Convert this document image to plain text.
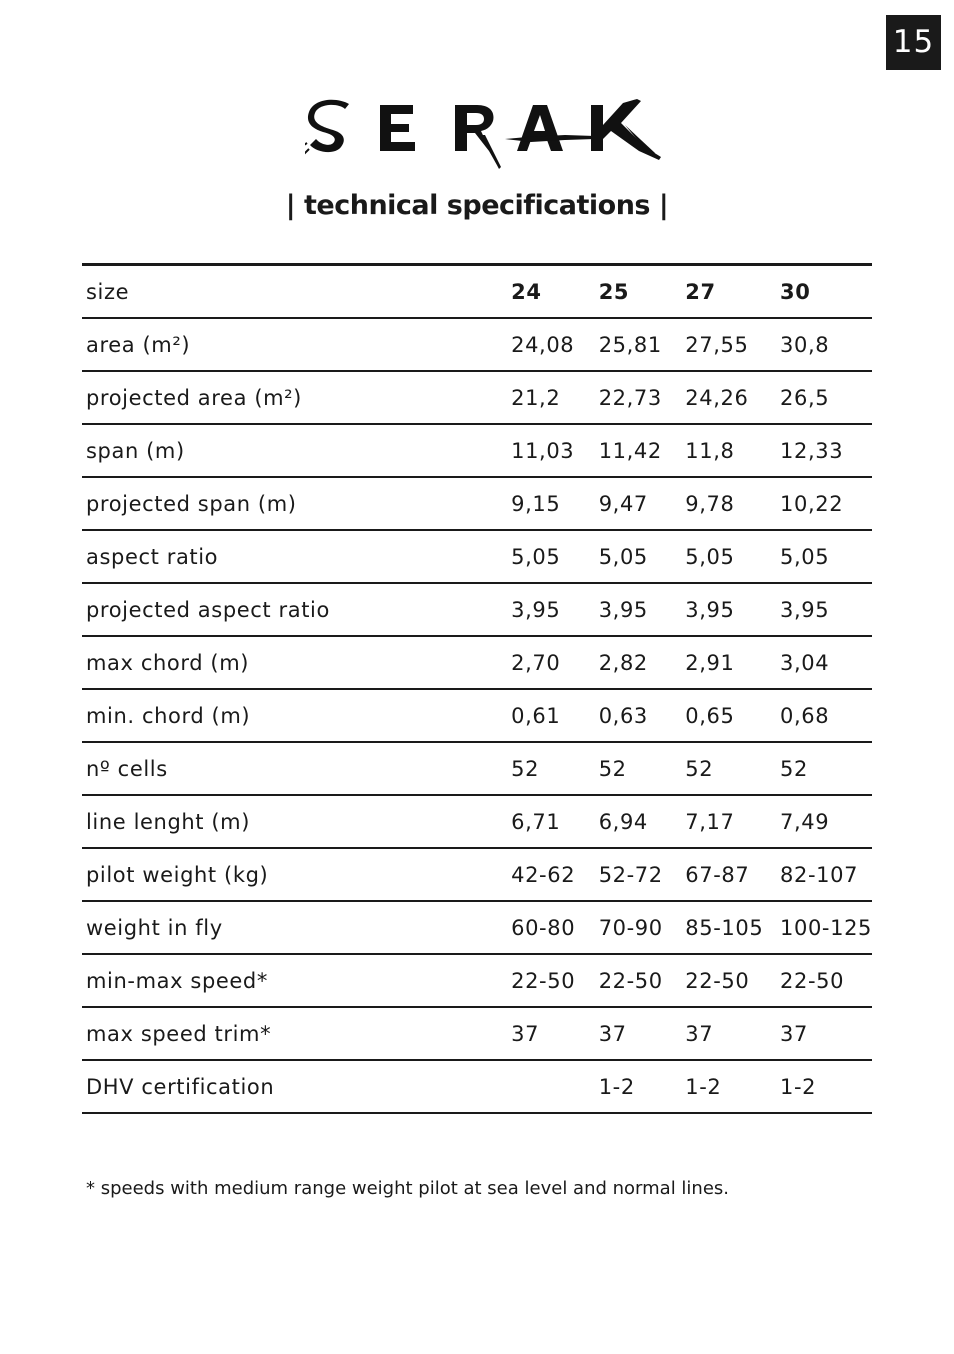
15
| technical specifications |
size	24	25	27	30
area (m²)	24,08	25,81	27,55	30,8
projected area (m²)	21,2	22,73	24,26	26,5
span (m)	11,03	11,42	11,8	12,33
projected span (m)	9,15	9,47	9,78	10,22
aspect ratio	5,05	5,05	5,05	5,05
projected aspect ratio	3,95	3,95	3,95	3,95
max chord (m)	2,70	2,82	2,91	3,04
min. chord (m)	0,61	0,63	0,65	0,68
nº cells	52	52	52	52
line lenght (m)	6,71	6,94	7,17	7,49
pilot weight (kg)	42-62	52-72	67-87	82-107
weight in fly	60-80	70-90	85-105	100-125
min-max speed*	22-50	22-50	22-50	22-50
max speed trim*	37	37	37	37
DHV certification		1-2	1-2	1-2
* speeds with medium range weight pilot at sea level and normal lines.
